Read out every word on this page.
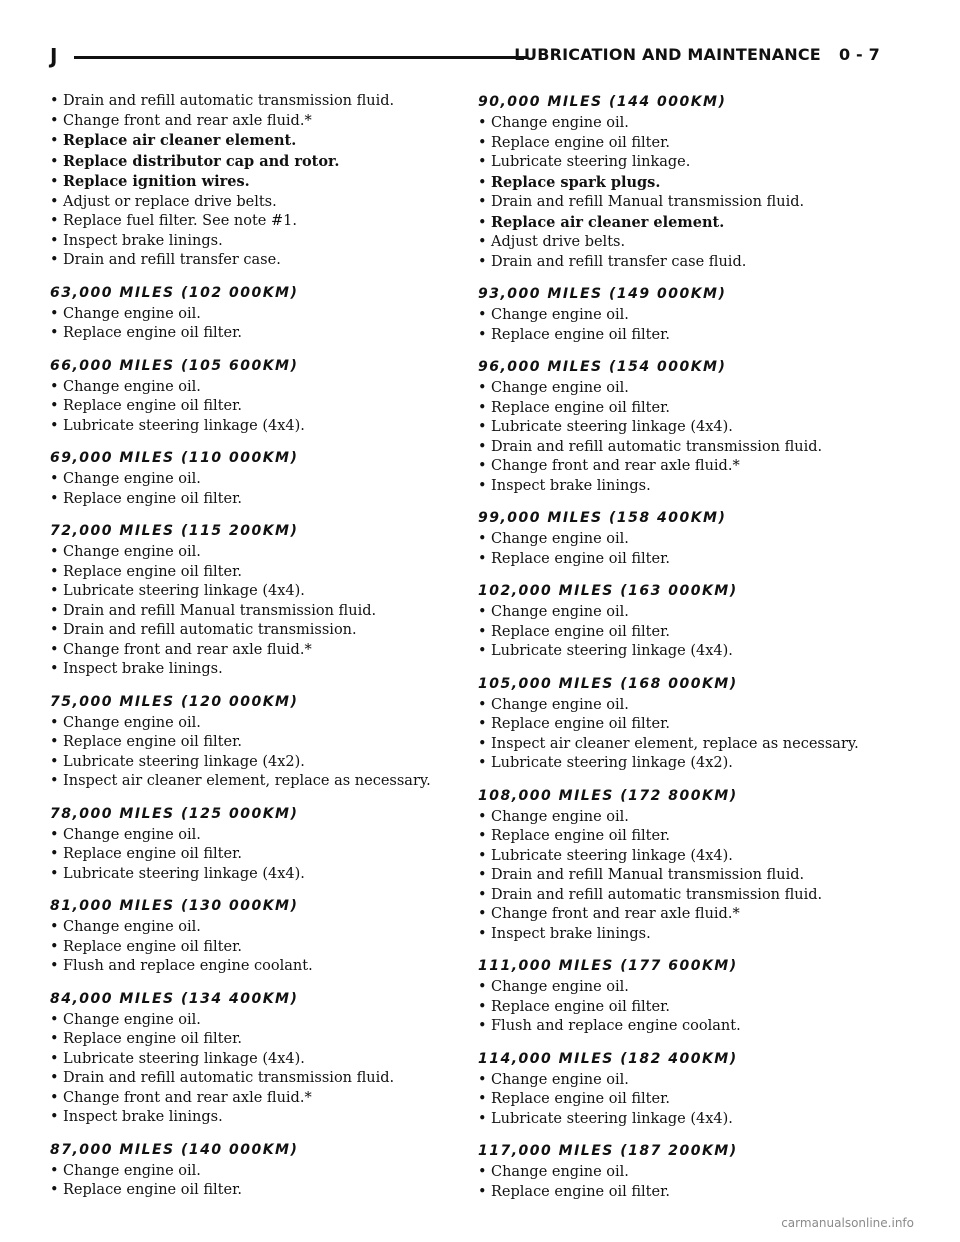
J	LUBRICATION AND MAINTENANCE 0 - 7
• Drain and refill automatic transmission fluid.
• Change front and rear axle fluid.*
• Replace air cleaner element.
• Replace distributor cap and rotor.
• Replace ignition wires.
• Adjust or replace drive belts.
• Replace fuel filter. See note #1.
• Inspect brake linings.
• Drain and refill transfer case.
63,000 MILES (102 000KM)
• Change engine oil.
• Replace engine oil filter.
66,000 MILES (105 600KM)
• Change engine oil.
• Replace engine oil filter.
• Lubricate steering linkage (4x4).
69,000 MILES (110 000KM)
• Change engine oil.
• Replace engine oil filter.
72,000 MILES (115 200KM)
• Change engine oil.
• Replace engine oil filter.
• Lubricate steering linkage (4x4).
• Drain and refill Manual transmission fluid.
• Drain and refill automatic transmission.
• Change front and rear axle fluid.*
• Inspect brake linings.
75,000 MILES (120 000KM)
• Change engine oil.
• Replace engine oil filter.
• Lubricate steering linkage (4x2).
• Inspect air cleaner element, replace as necessary.
78,000 MILES (125 000KM)
• Change engine oil.
• Replace engine oil filter.
• Lubricate steering linkage (4x4).
81,000 MILES (130 000KM)
• Change engine oil.
• Replace engine oil filter.
• Flush and replace engine coolant.
84,000 MILES (134 400KM)
• Change engine oil.
• Replace engine oil filter.
• Lubricate steering linkage (4x4).
• Drain and refill automatic transmission fluid.
• Change front and rear axle fluid.*
• Inspect brake linings.
87,000 MILES (140 000KM)
• Change engine oil.
• Replace engine oil filter.
90,000 MILES (144 000KM)
• Change engine oil.
• Replace engine oil filter.
• Lubricate steering linkage.
• Replace spark plugs.
• Drain and refill Manual transmission fluid.
• Replace air cleaner element.
• Adjust drive belts.
• Drain and refill transfer case fluid.
93,000 MILES (149 000KM)
• Change engine oil.
• Replace engine oil filter.
96,000 MILES (154 000KM)
• Change engine oil.
• Replace engine oil filter.
• Lubricate steering linkage (4x4).
• Drain and refill automatic transmission fluid.
• Change front and rear axle fluid.*
• Inspect brake linings.
99,000 MILES (158 400KM)
• Change engine oil.
• Replace engine oil filter.
102,000 MILES (163 000KM)
• Change engine oil.
• Replace engine oil filter.
• Lubricate steering linkage (4x4).
105,000 MILES (168 000KM)
• Change engine oil.
• Replace engine oil filter.
• Inspect air cleaner element, replace as necessary.
• Lubricate steering linkage (4x2).
108,000 MILES (172 800KM)
• Change engine oil.
• Replace engine oil filter.
• Lubricate steering linkage (4x4).
• Drain and refill Manual transmission fluid.
• Drain and refill automatic transmission fluid.
• Change front and rear axle fluid.*
• Inspect brake linings.
111,000 MILES (177 600KM)
• Change engine oil.
• Replace engine oil filter.
• Flush and replace engine coolant.
114,000 MILES (182 400KM)
• Change engine oil.
• Replace engine oil filter.
• Lubricate steering linkage (4x4).
117,000 MILES (187 200KM)
• Change engine oil.
• Replace engine oil filter.
carmanualsonline.info
